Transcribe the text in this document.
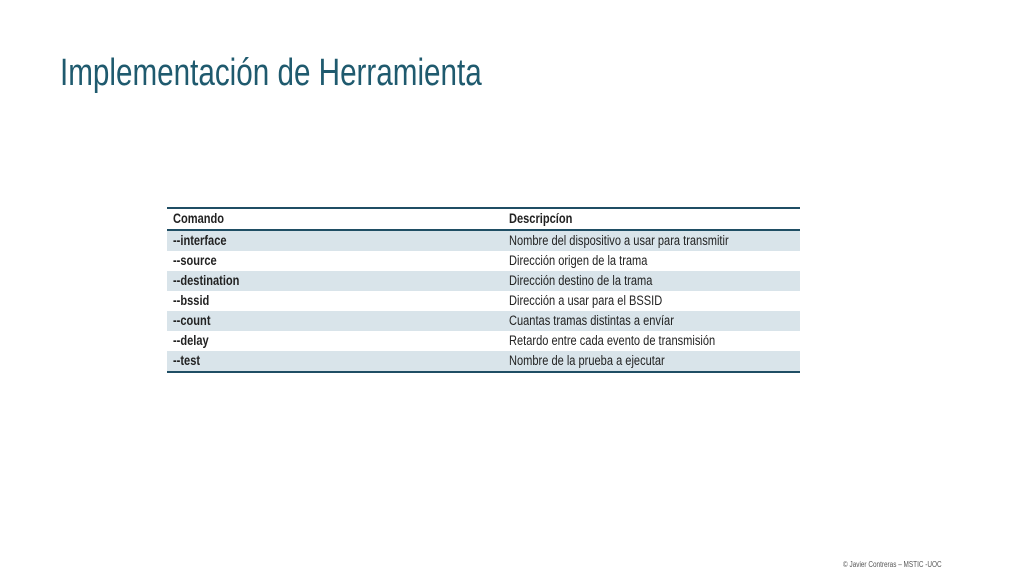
Implementación de Herramienta
Comando	Descripcíon
--interface	Nombre del dispositivo a usar para transmitir
--source	Dirección origen de la trama
--destination	Dirección destino de la trama
--bssid	Dirección a usar para el BSSID
--count	Cuantas tramas distintas a envíar
--delay	Retardo entre cada evento de transmisión
--test	Nombre de la prueba a ejecutar
© Javier Contreras – MSTIC -UOC
